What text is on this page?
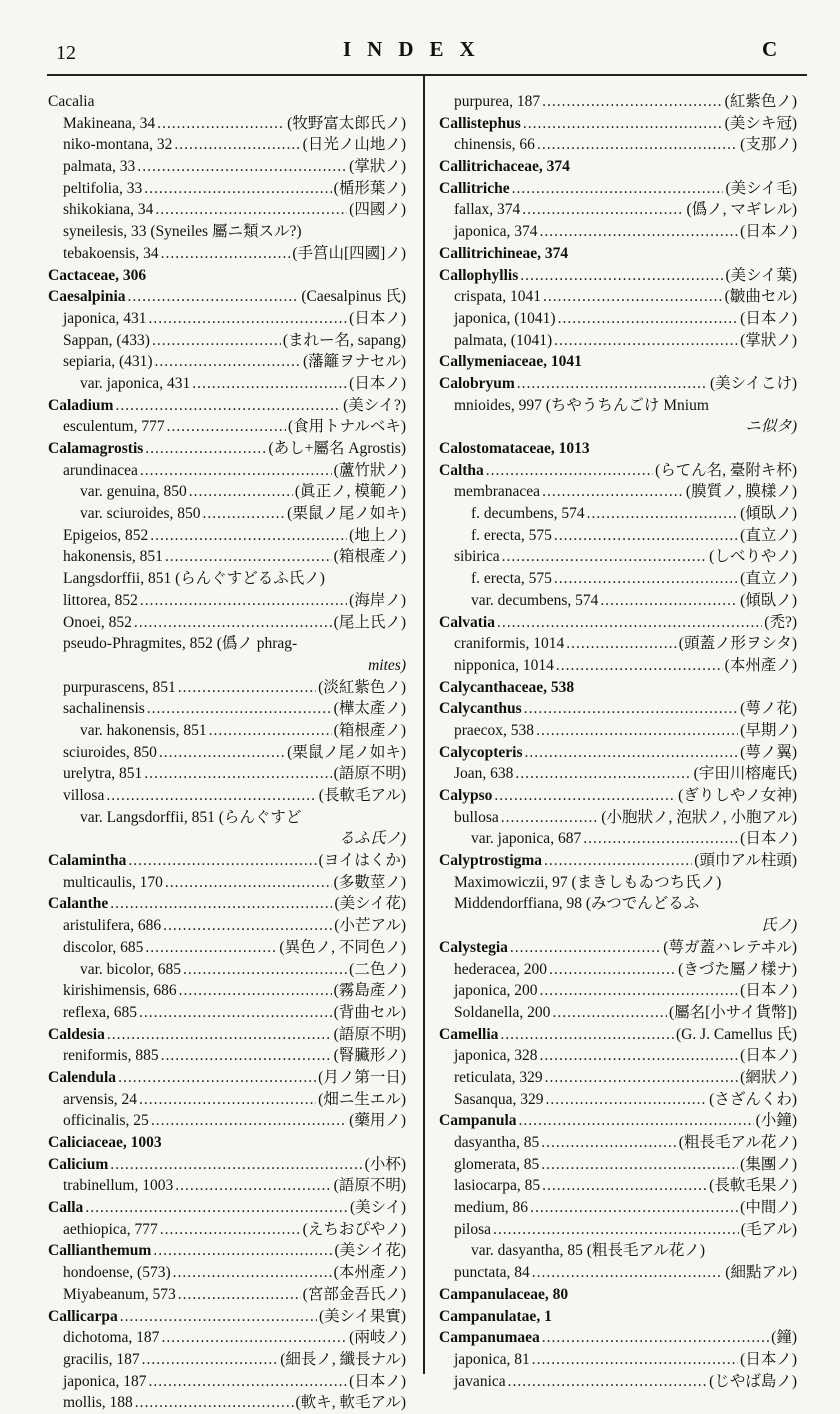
12	INDEX	C
Cacalia
Makineana, 34 .....	(牧野富太郎氏ノ)
niko-montana, 32 .....	(日光ノ山地ノ)
palmata, 33 .....	(掌狀ノ)
peltifolia, 33 .....	(楯形葉ノ)
shikokiana, 34 .....	(四國ノ)
syneilesis, 33 (Syneiles 屬ニ類スル?)
tebakoensis, 34 .....	(手筥山[四國]ノ)
Cactaceae, 306
Caesalpinia .....	(Caesalpinus 氏)
japonica, 431 .....	(日本ノ)
Sappan, (433) .....	(まれー名, sapang)
sepiaria, (431) .....	(藩籬ヲナセル)
var. japonica, 431 .....	(日本ノ)
Caladium .....	(美シイ?)
esculentum, 777 .....	(食用トナルベキ)
Calamagrostis .....	(あし+屬名 Agrostis)
arundinacea .....	(蘆竹狀ノ)
var. genuina, 850 .....	(眞正ノ, 模範ノ)
var. sciuroides, 850 .....	(栗鼠ノ尾ノ如キ)
Epigeios, 852 .....	(地上ノ)
hakonensis, 851 .....	(箱根產ノ)
Langsdorffii, 851 (らんぐすどるふ氏ノ)
littorea, 852 .....	(海岸ノ)
Onoei, 852 .....	(尾上氏ノ)
pseudo-Phragmites, 852 (僞ノ phrag-
mites)
purpurascens, 851 .....	(淡紅紫色ノ)
sachalinensis .....	(樺太產ノ)
var. hakonensis, 851 .....	(箱根產ノ)
sciuroides, 850 .....	(栗鼠ノ尾ノ如キ)
urelytra, 851 .....	(語原不明)
villosa .....	(長軟毛アル)
var. Langsdorffii, 851 (らんぐすど
るふ氏ノ)
Calamintha .....	(ヨイはくか)
multicaulis, 170 .....	(多數莖ノ)
Calanthe .....	(美シイ花)
aristulifera, 686 .....	(小芒アル)
discolor, 685 .....	(異色ノ, 不同色ノ)
var. bicolor, 685 .....	(二色ノ)
kirishimensis, 686 .....	(霧島產ノ)
reflexa, 685 .....	(背曲セル)
Caldesia .....	(語原不明)
reniformis, 885 .....	(腎臟形ノ)
Calendula .....	(月ノ第一日)
arvensis, 24 .....	(畑ニ生エル)
officinalis, 25 .....	(藥用ノ)
Caliciaceae, 1003
Calicium .....	(小杯)
trabinellum, 1003 .....	(語原不明)
Calla .....	(美シイ)
aethiopica, 777 .....	(えちおぴやノ)
Callianthemum .....	(美シイ花)
hondoense, (573) .....	(本州產ノ)
Miyabeanum, 573 .....	(宮部金吾氏ノ)
Callicarpa .....	(美シイ果實)
dichotoma, 187 .....	(兩岐ノ)
gracilis, 187 .....	(細長ノ, 纖長ナル)
japonica, 187 .....	(日本ノ)
mollis, 188 .....	(軟キ, 軟毛アル)
purpurea, 187 .....	(紅紫色ノ)
Callistephus .....	(美シキ冠)
chinensis, 66 .....	(支那ノ)
Callitrichaceae, 374
Callitriche .....	(美シイ毛)
fallax, 374 .....	(僞ノ, マギレル)
japonica, 374 .....	(日本ノ)
Callitrichineae, 374
Callophyllis .....	(美シイ葉)
crispata, 1041 .....	(皺曲セル)
japonica, (1041) .....	(日本ノ)
palmata, (1041) .....	(掌狀ノ)
Callymeniaceae, 1041
Calobryum .....	(美シイこけ)
mnioides, 997 (ちやうちんごけ Mnium
ニ似タ)
Calostomataceae, 1013
Caltha .....	(らてん名, 臺附キ杯)
membranacea .....	(膜質ノ, 膜樣ノ)
f. decumbens, 574 .....	(傾臥ノ)
f. erecta, 575 .....	(直立ノ)
sibirica .....	(しべりやノ)
f. erecta, 575 .....	(直立ノ)
var. decumbens, 574 .....	(傾臥ノ)
Calvatia .....	(禿?)
craniformis, 1014 .....	(頭蓋ノ形ヲシタ)
nipponica, 1014 .....	(本州產ノ)
Calycanthaceae, 538
Calycanthus .....	(萼ノ花)
praecox, 538 .....	(早期ノ)
Calycopteris .....	(萼ノ翼)
Joan, 638 .....	(宇田川榕庵氏)
Calypso .....	(ぎりしやノ女神)
bullosa .....	(小胞狀ノ, 泡狀ノ, 小胞アル)
var. japonica, 687 .....	(日本ノ)
Calyptrostigma .....	(頭巾アル柱頭)
Maximowiczii, 97 (まきしもゐつち氏ノ)
Middendorffiana, 98 (みつでんどるふ
氏ノ)
Calystegia .....	(萼ガ蓋ハレテヰル)
hederacea, 200 .....	(きづた屬ノ樣ナ)
japonica, 200 .....	(日本ノ)
Soldanella, 200 .....	(屬名[小サイ貨幣])
Camellia .....	(G. J. Camellus 氏)
japonica, 328 .....	(日本ノ)
reticulata, 329 .....	(網狀ノ)
Sasanqua, 329 .....	(さざんくわ)
Campanula .....	(小鐘)
dasyantha, 85 .....	(粗長毛アル花ノ)
glomerata, 85 .....	(集團ノ)
lasiocarpa, 85 .....	(長軟毛果ノ)
medium, 86 .....	(中間ノ)
pilosa .....	(毛アル)
var. dasyantha, 85 (粗長毛アル花ノ)
punctata, 84 .....	(細點アル)
Campanulaceae, 80
Campanulatae, 1
Campanumaea .....	(鐘)
japonica, 81 .....	(日本ノ)
javanica .....	(じやば島ノ)
